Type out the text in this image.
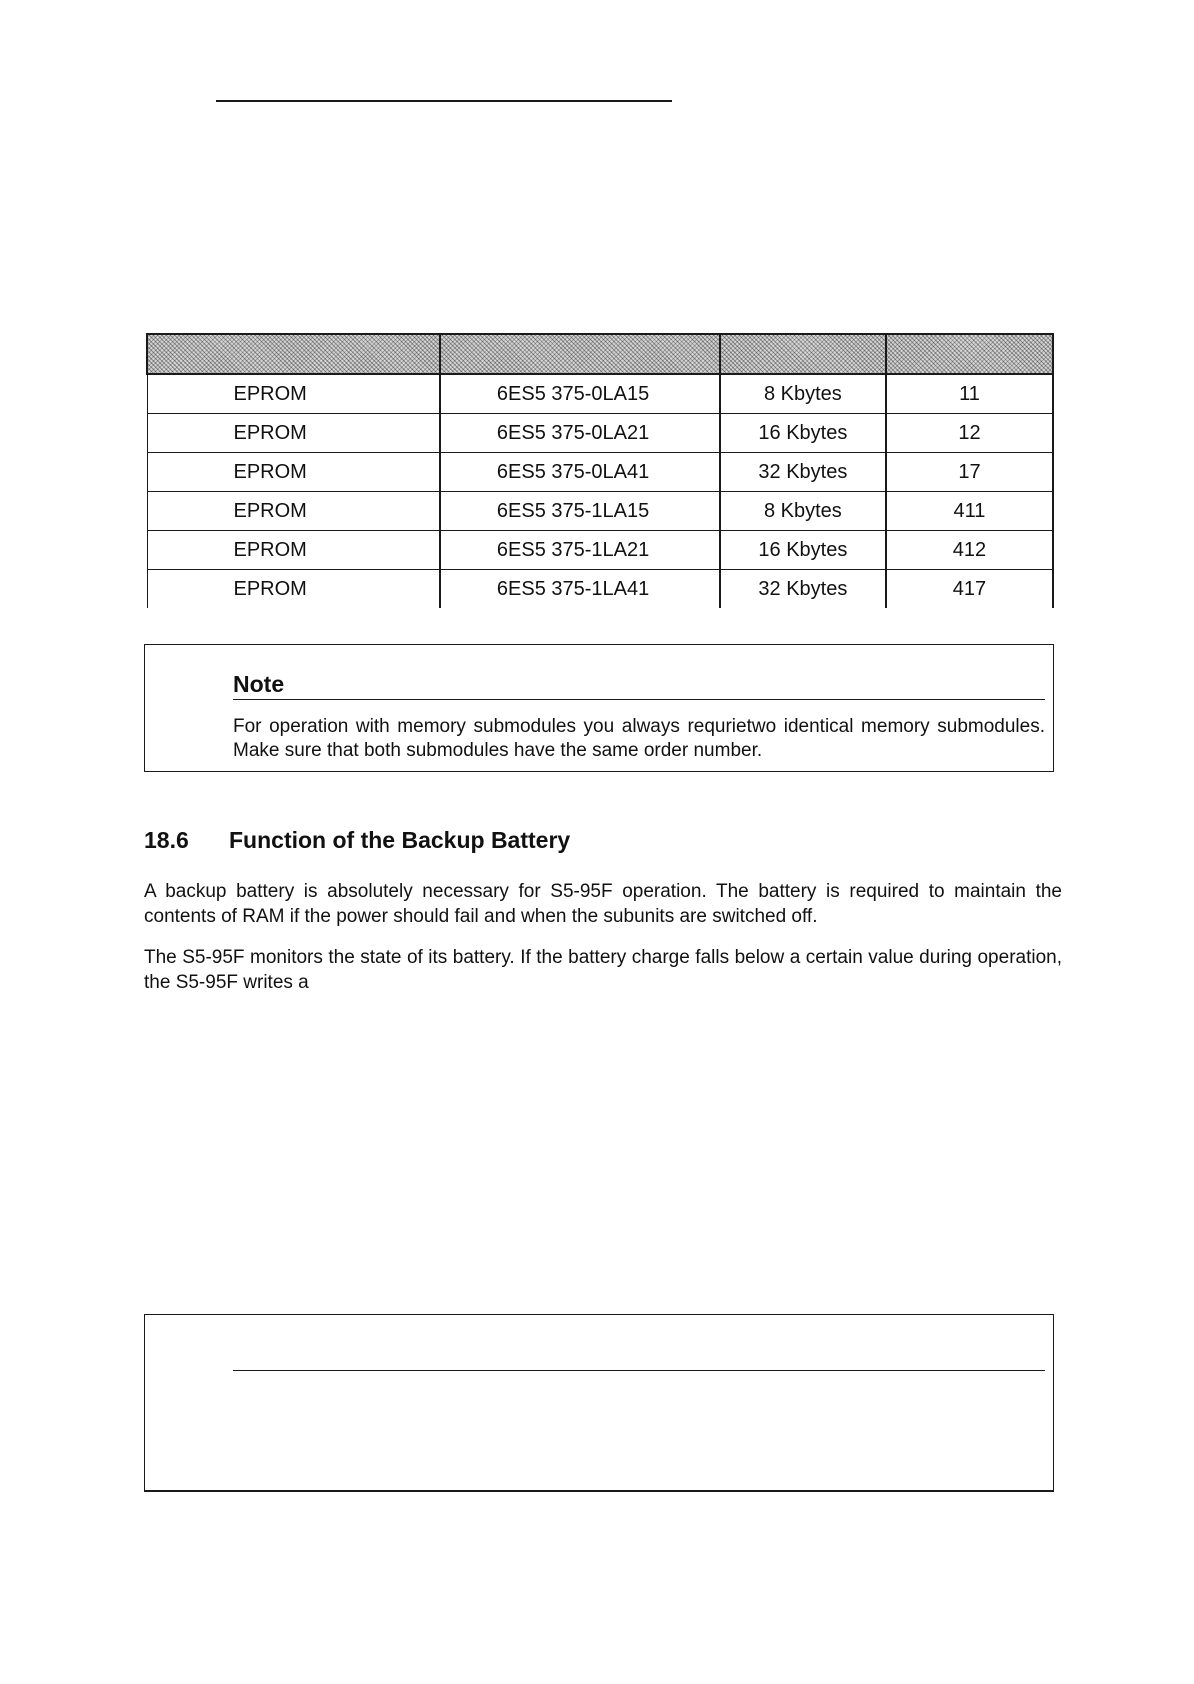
EPROM	6ES5 375-0LA15	8 Kbytes	11
EPROM	6ES5 375-0LA21	16 Kbytes	12
EPROM	6ES5 375-0LA41	32 Kbytes	17
EPROM	6ES5 375-1LA15	8 Kbytes	411
EPROM	6ES5 375-1LA21	16 Kbytes	412
EPROM	6ES5 375-1LA41	32 Kbytes	417
Note

For operation with memory submodules you always requrietwo identical memory submodules. Make sure that both submodules have the same order number.

18.6 Function of the Backup Battery

A backup battery is absolutely necessary for S5-95F operation. The battery is required to maintain the contents of RAM if the power should fail and when the subunits are switched off.

The S5-95F monitors the state of its battery. If the battery charge falls below a certain value during operation, the S5-95F writes a
